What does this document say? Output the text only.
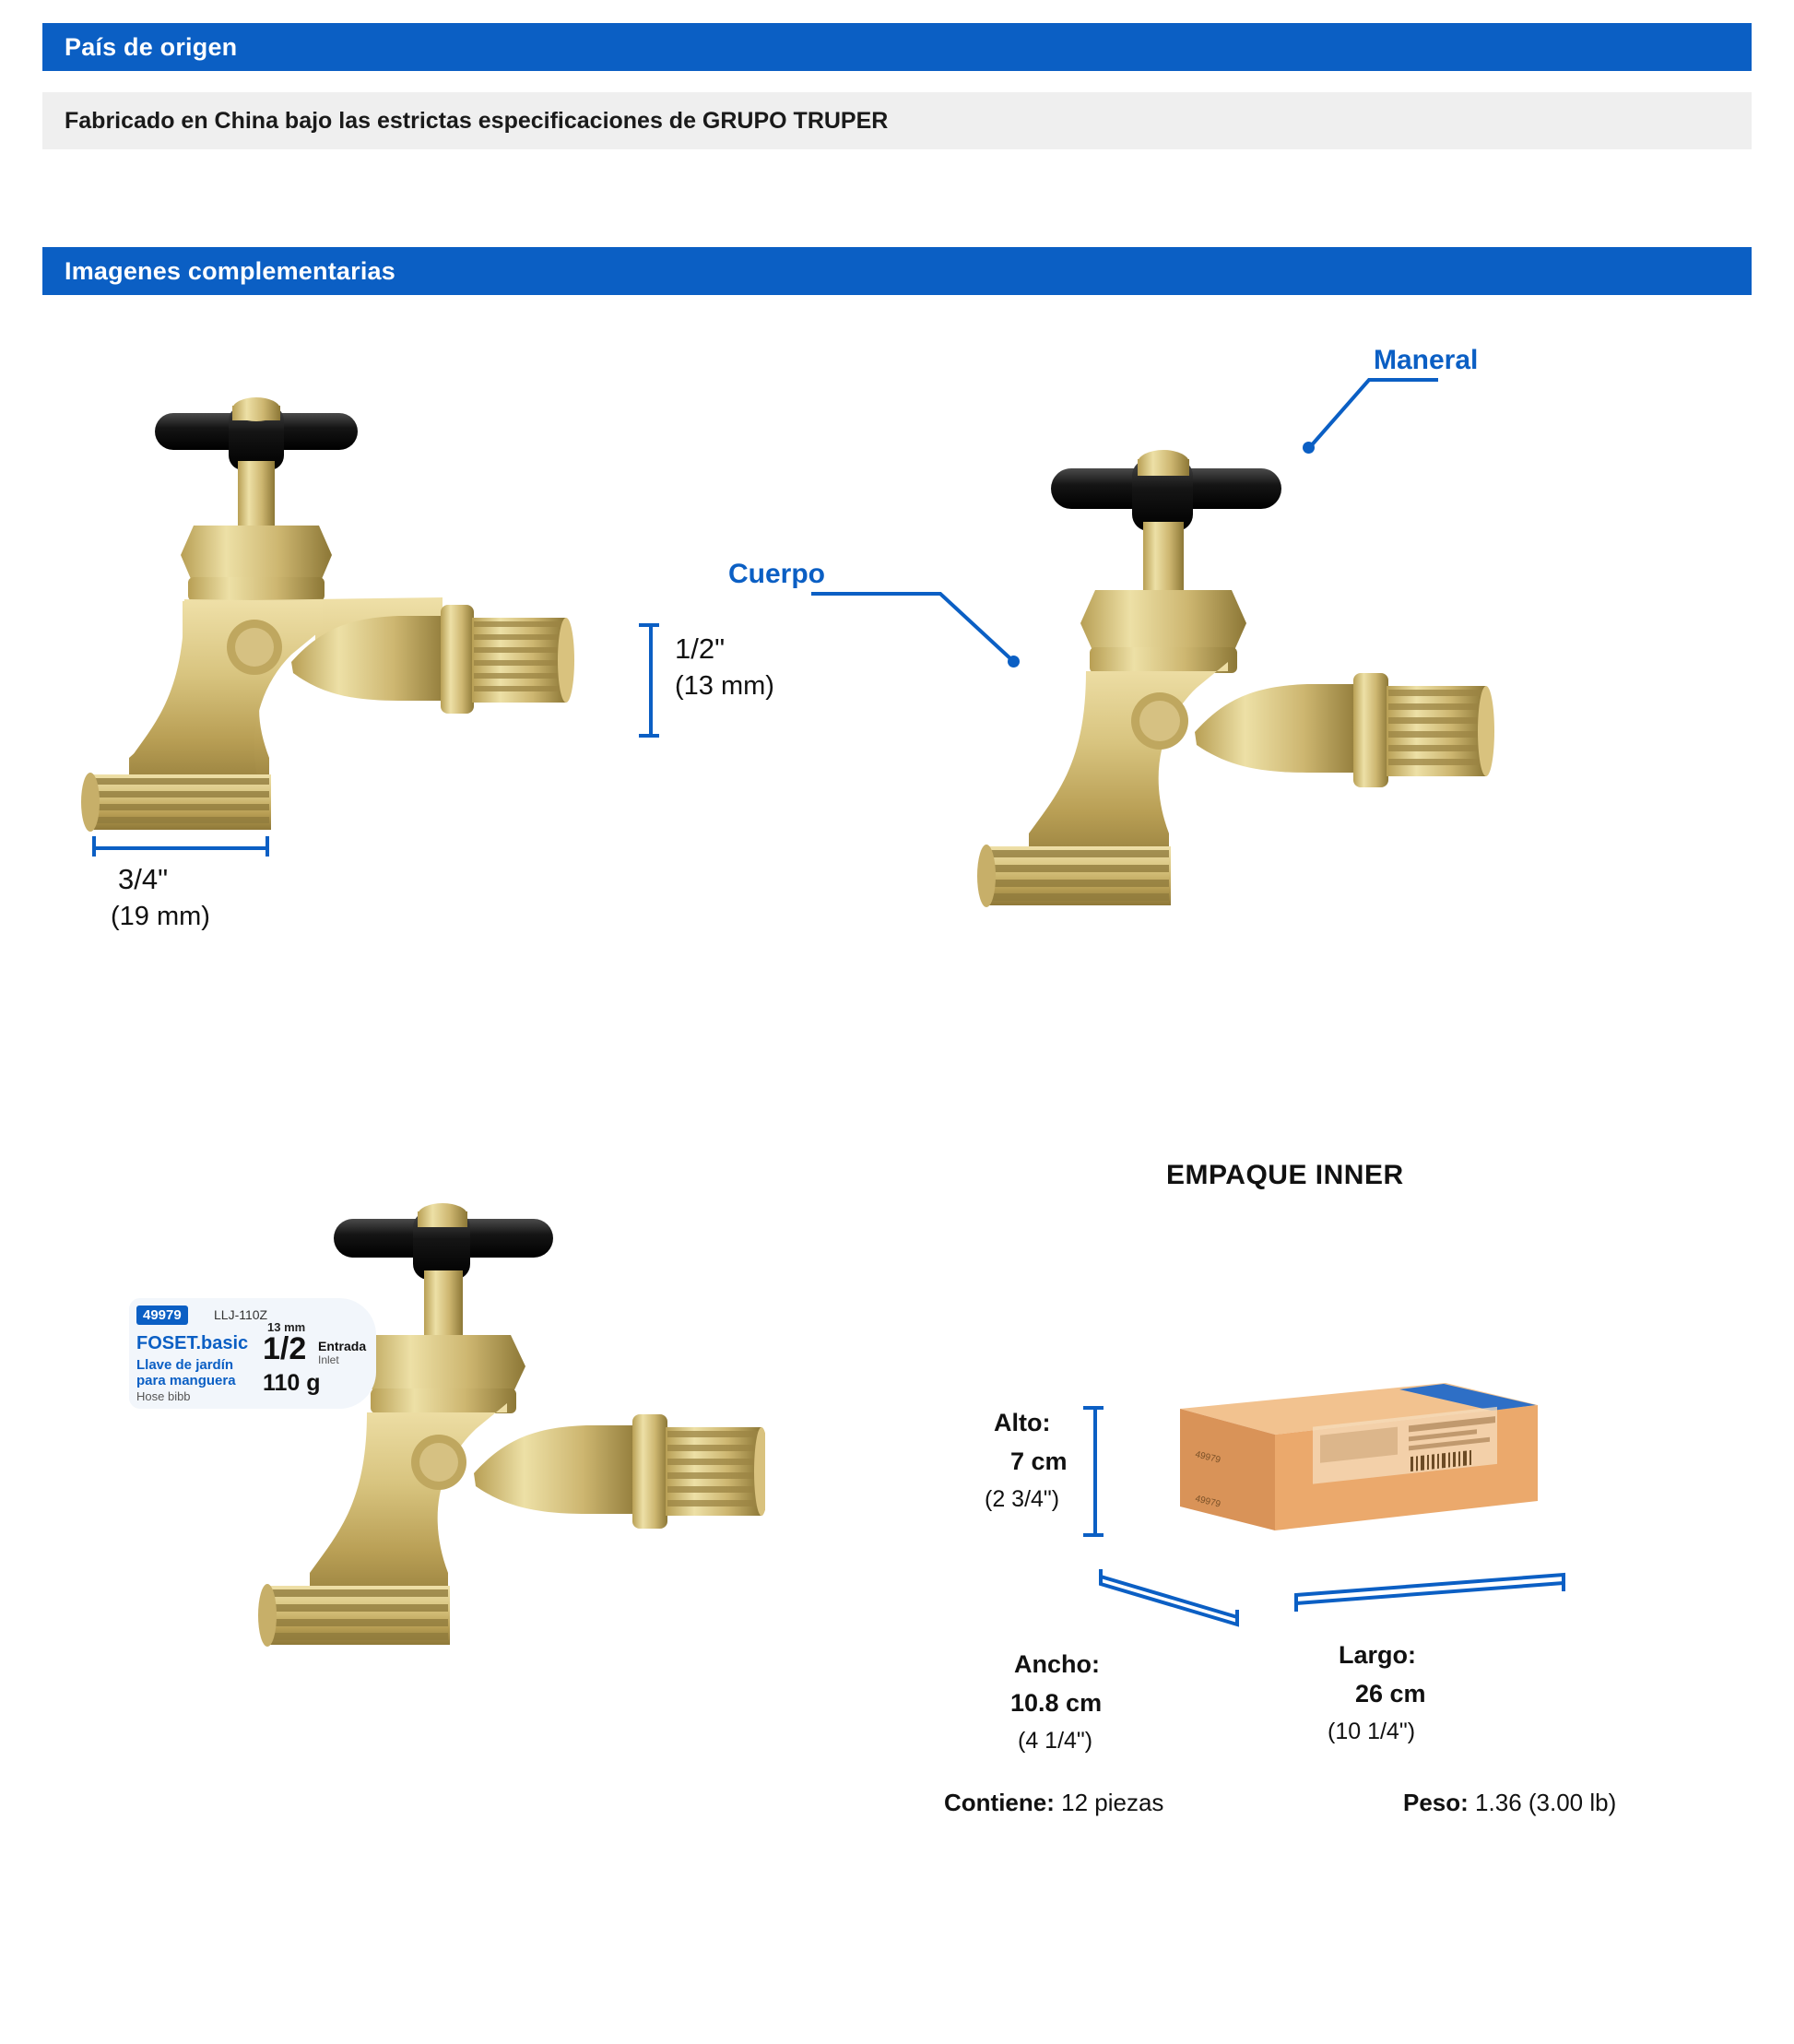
País de origen
Fabricado en China bajo las estrictas especificaciones de GRUPO TRUPER
Imagenes complementarias
1/2"
(13 mm)
3/4"
(19 mm)
Maneral
Cuerpo
49979	LLJ-110Z
FOSET.basic
Llave de jardín
para manguera
Hose bibb
13 mm
1/2 Entrada
Inlet
110 g
EMPAQUE INNER
49979
49979
Alto:
7 cm
(2 3/4")
Ancho:
10.8 cm
(4 1/4")
Largo:
26 cm
(10 1/4")
Contiene: 12 piezas	Peso: 1.36 (3.00 lb)
